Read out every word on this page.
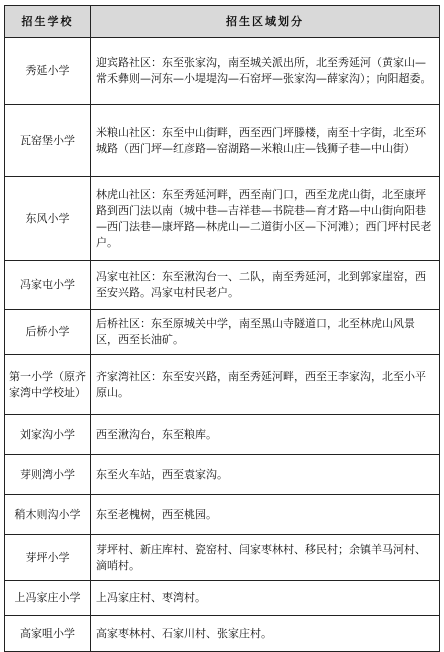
招生学校	招生区域划分
秀延小学	迎宾路社区：东至张家沟，南至城关派出所，北至秀延河（黄家山—常禾彝则—河东—小堤堤沟—石窑坪—张家沟—薛家沟）；向阳超委。
瓦窑堡小学	米粮山社区：东至中山街畔，西至西门坪滕楼，南至十字街，北至环城路（西门坪—红彦路—窑湖路—米粮山庄—钱狮子巷—中山街）
东风小学	林虎山社区：东至秀延河畔，西至南门口，西至龙虎山街，北至康坪路到西门法以南（城中巷—吉祥巷—书院巷—育才路—中山街向阳巷—西门法巷—康坪路—林虎山—二道街小区—下河滩）；西门坪村民老户。
冯家屯小学	冯家屯社区：东至湫沟台一、二队，南至秀延河，北到郭家崖窑，西至安兴路。冯家屯村民老户。
后桥小学	后桥社区：东至原城关中学，南至黑山寺隧道口，北至林虎山风景区，西至长油矿。
第一小学（原齐家湾中学校址）	齐家湾社区：东至安兴路，南至秀延河畔，西至王李家沟，北至小平原山。
刘家沟小学	西至湫沟台，东至粮库。
芽则湾小学	东至火车站，西至袁家沟。
稍木则沟小学	东至老槐树，西至桃园。
芽坪小学	芽坪村、新庄库村、瓷窑村、闫家枣林村、移民村；余镇羊马河村、滴哨村。
上冯家庄小学	上冯家庄村、枣湾村。
高家咀小学	高家枣林村、石家川村、张家庄村。
